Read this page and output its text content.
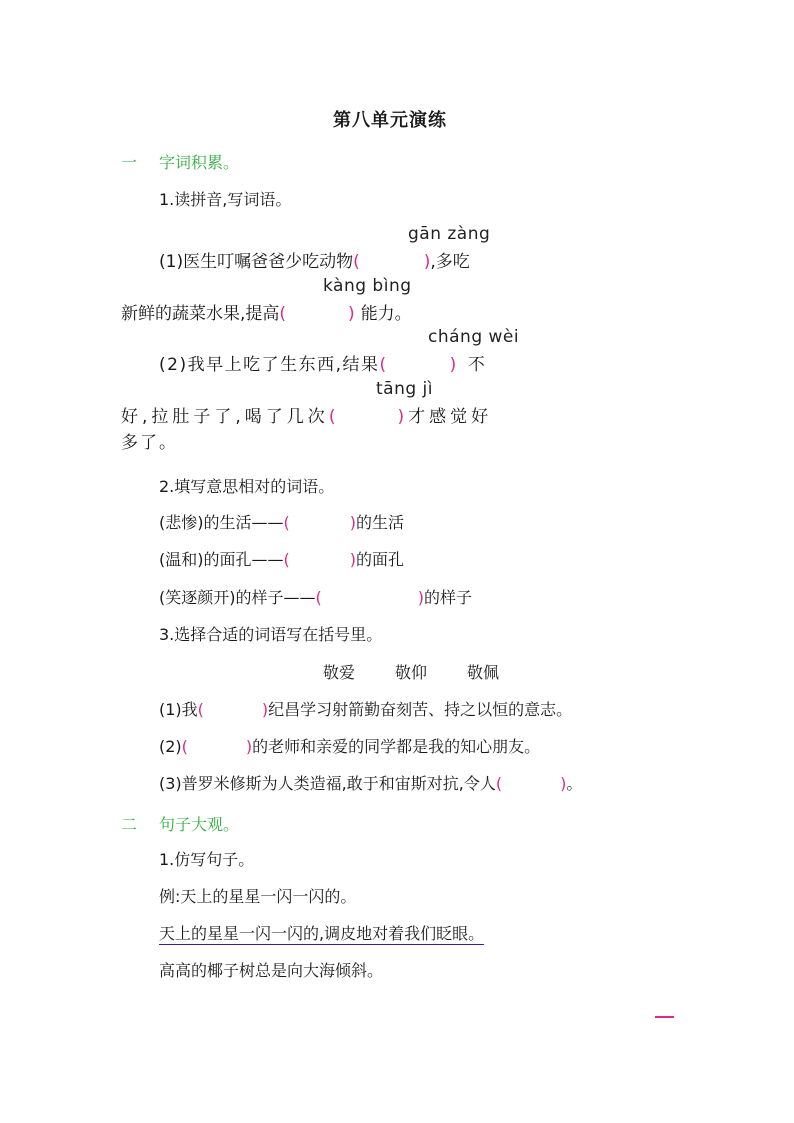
第八单元演练
一 字词积累。
1.读拼音,写词语。
gān zàng
(1)医生叮嘱爸爸少吃动物(	),多吃
kàng bìng
新鲜的蔬菜水果,提高(	) 能力。
cháng wèi
(2)我早上吃了生东西,结果(	) 不
tāng jì
好,拉肚子了,喝了几次(	)才感觉好
多了。
2.填写意思相对的词语。
(悲惨)的生活——(	)的生活
(温和)的面孔——(	)的面孔
(笑逐颜开)的样子——(	)的样子
3.选择合适的词语写在括号里。
敬爱	敬仰	敬佩
(1)我(	)纪昌学习射箭勤奋刻苦、持之以恒的意志。
(2)(	)的老师和亲爱的同学都是我的知心朋友。
(3)普罗米修斯为人类造福,敢于和宙斯对抗,令人(	)。
二 句子大观。
1.仿写句子。
例:天上的星星一闪一闪的。
天上的星星一闪一闪的,调皮地对着我们眨眼。
高高的椰子树总是向大海倾斜。
